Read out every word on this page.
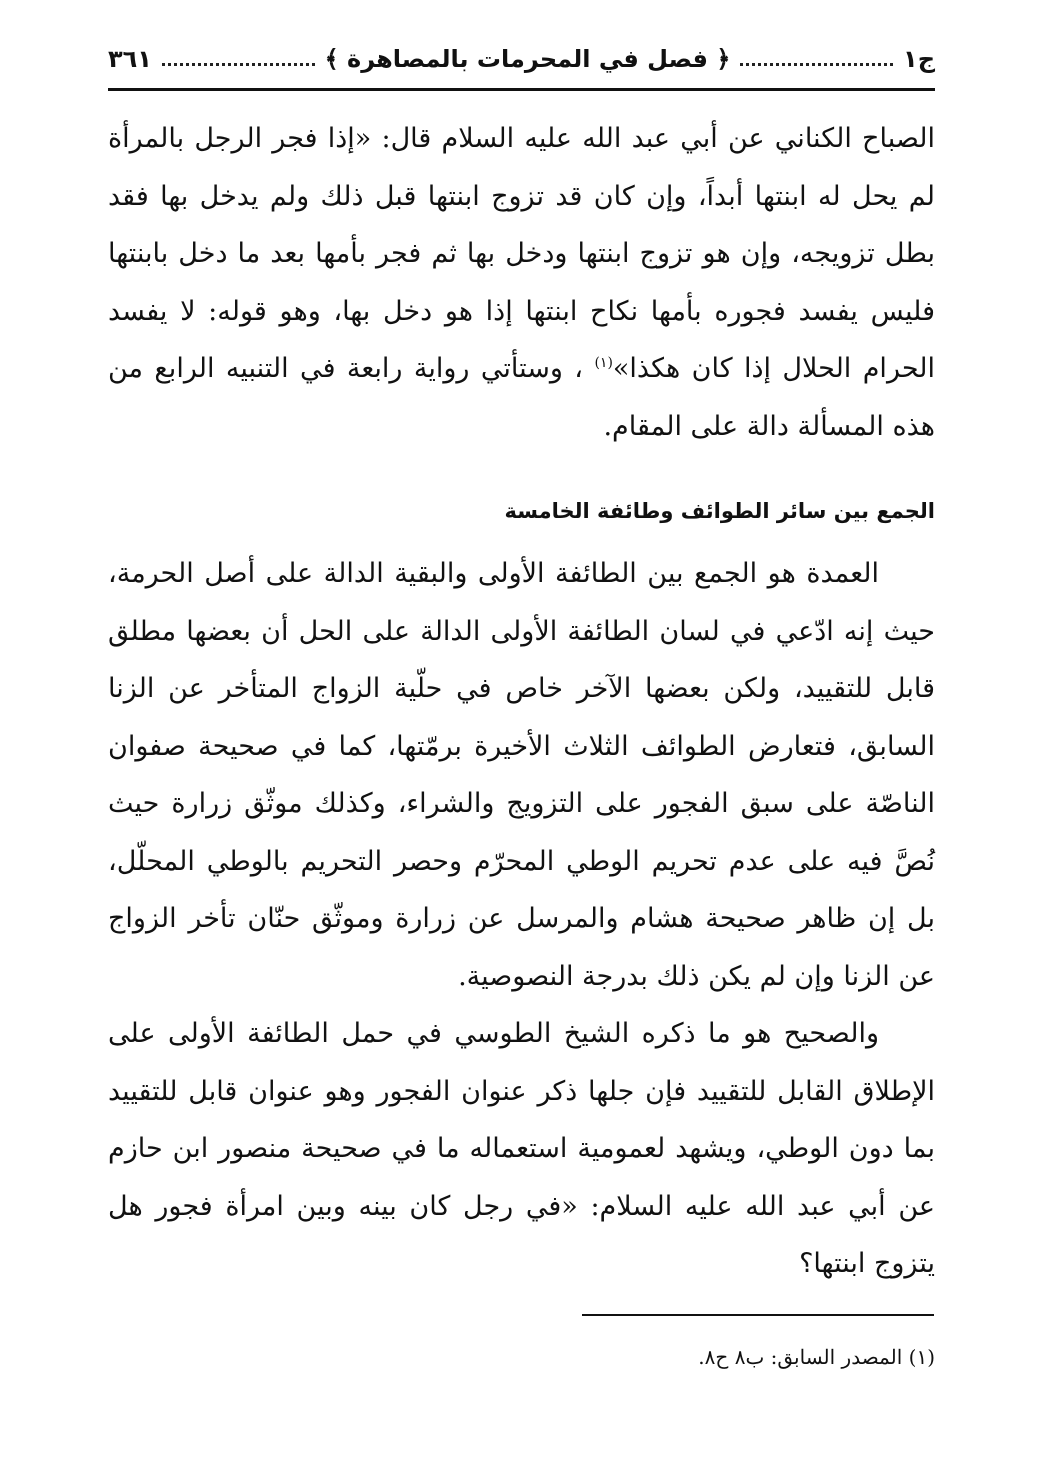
ج١
﴿ فصل في المحرمات بالمصاهرة ﴾
٣٦١

الصباح الكناني عن أبي عبد الله عليه السلام قال: «إذا فجر الرجل بالمرأة لم يحل له ابنتها أبداً، وإن كان قد تزوج ابنتها قبل ذلك ولم يدخل بها فقد بطل تزويجه، وإن هو تزوج ابنتها ودخل بها ثم فجر بأمها بعد ما دخل بابنتها فليس يفسد فجوره بأمها نكاح ابنتها إذا هو دخل بها، وهو قوله: لا يفسد الحرام الحلال إذا كان هكذا»$^{(١)}$ ، وستأتي رواية رابعة في التنبيه الرابع من هذه المسألة دالة على المقام.

الجمع بين سائر الطوائف وطائفة الخامسة

العمدة هو الجمع بين الطائفة الأولى والبقية الدالة على أصل الحرمة، حيث إنه ادّعي في لسان الطائفة الأولى الدالة على الحل أن بعضها مطلق قابل للتقييد، ولكن بعضها الآخر خاص في حلّية الزواج المتأخر عن الزنا السابق، فتعارض الطوائف الثلاث الأخيرة برمّتها، كما في صحيحة صفوان الناصّة على سبق الفجور على التزويج والشراء، وكذلك موثّق زرارة حيث نُصَّ فيه على عدم تحريم الوطي المحرّم وحصر التحريم بالوطي المحلّل، بل إن ظاهر صحيحة هشام والمرسل عن زرارة وموثّق حنّان تأخر الزواج عن الزنا وإن لم يكن ذلك بدرجة النصوصية.

والصحيح هو ما ذكره الشيخ الطوسي في حمل الطائفة الأولى على الإطلاق القابل للتقييد فإن جلها ذكر عنوان الفجور وهو عنوان قابل للتقييد بما دون الوطي، ويشهد لعمومية استعماله ما في صحيحة منصور ابن حازم عن أبي عبد الله عليه السلام: «في رجل كان بينه وبين امرأة فجور هل يتزوج ابنتها؟

(١) المصدر السابق: ب٨ ح٨.
